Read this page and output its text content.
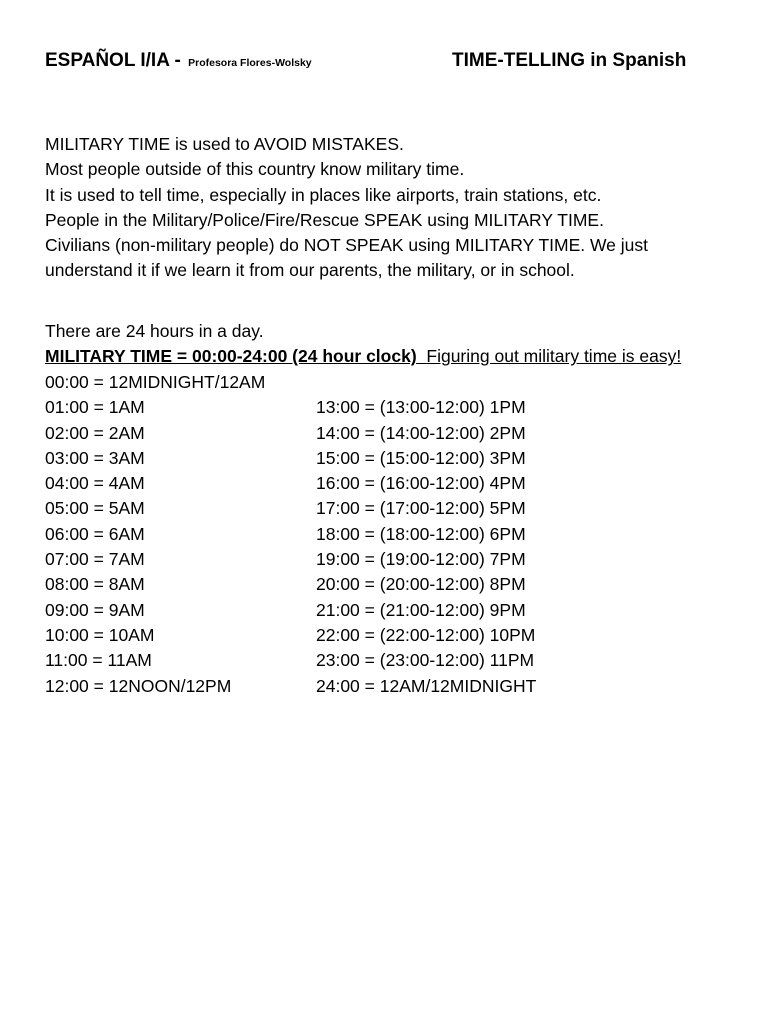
ESPAÑOL I/IA - Profesora Flores-Wolsky	TIME-TELLING in Spanish
MILITARY TIME is used to AVOID MISTAKES.
Most people outside of this country know military time.
It is used to tell time, especially in places like airports, train stations, etc.
People in the Military/Police/Fire/Rescue SPEAK using MILITARY TIME.
Civilians (non-military people) do NOT SPEAK using MILITARY TIME. We just
understand it if we learn it from our parents, the military, or in school.
There are 24 hours in a day.
MILITARY TIME = 00:00-24:00 (24 hour clock) Figuring out military time is easy!
00:00 = 12MIDNIGHT/12AM
01:00 = 1AM	13:00 = (13:00-12:00) 1PM
02:00 = 2AM	14:00 = (14:00-12:00) 2PM
03:00 = 3AM	15:00 = (15:00-12:00) 3PM
04:00 = 4AM	16:00 = (16:00-12:00) 4PM
05:00 = 5AM	17:00 = (17:00-12:00) 5PM
06:00 = 6AM	18:00 = (18:00-12:00) 6PM
07:00 = 7AM	19:00 = (19:00-12:00) 7PM
08:00 = 8AM	20:00 = (20:00-12:00) 8PM
09:00 = 9AM	21:00 = (21:00-12:00) 9PM
10:00 = 10AM	22:00 = (22:00-12:00) 10PM
11:00 = 11AM	23:00 = (23:00-12:00) 11PM
12:00 = 12NOON/12PM	24:00 = 12AM/12MIDNIGHT
